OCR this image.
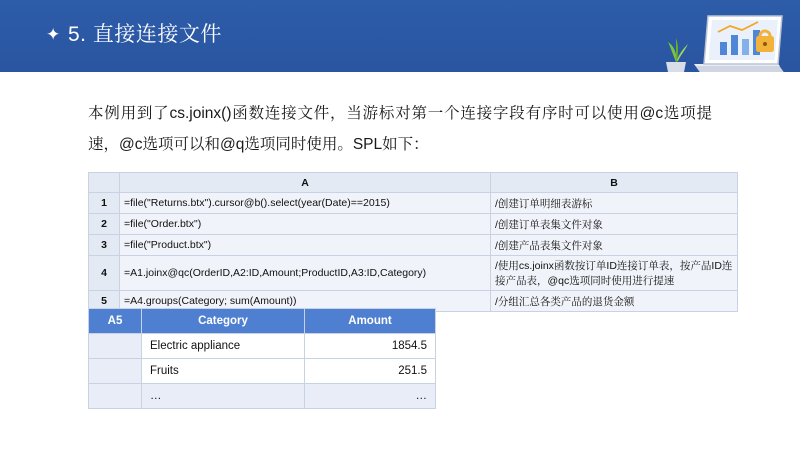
✦ 5. 直接连接文件
本例用到了cs.joinx()函数连接文件，当游标对第一个连接字段有序时可以使用@c选项提速，@c选项可以和@q选项同时使用。SPL如下：
	A	B
1	=file("Returns.btx").cursor@b().select(year(Date)==2015)	/创建订单明细表游标
2	=file("Order.btx")	/创建订单表集文件对象
3	=file("Product.btx")	/创建产品表集文件对象
4	=A1.joinx@qc(OrderID,A2:ID,Amount;ProductID,A3:ID,Category)	/使用cs.joinx函数按订单ID连接订单表，按产品ID连接产品表，@qc选项同时使用进行提速
5	=A4.groups(Category; sum(Amount))	/分组汇总各类产品的退货金额
A5	Category	Amount
	Electric appliance	1854.5
	Fruits	251.5
	…	…
